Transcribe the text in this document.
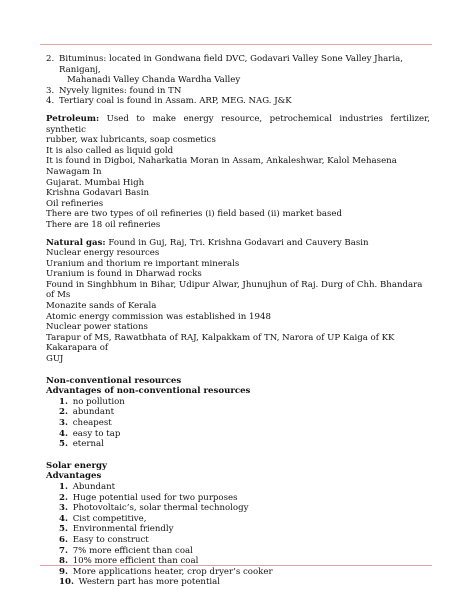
2. Bituminus: located in Gondwana field DVC, Godavari Valley Sone Valley Jharia, Raniganj,
Mahanadi Valley Chanda Wardha Valley
3. Nyvely lignites: found in TN
4. Tertiary coal is found in Assam. ARP, MEG. NAG. J&K
Petroleum: Used to make energy resource, petrochemical industries fertilizer, synthetic
rubber, wax lubricants, soap cosmetics
It is also called as liquid gold
It is found in Digboi, Naharkatia Moran in Assam, Ankaleshwar, Kalol Mehasena Nawagam In
Gujarat. Mumbai High
Krishna Godavari Basin
Oil refineries
There are two types of oil refineries (i) field based (ii) market based
There are 18 oil refineries
Natural gas: Found in Guj, Raj, Tri. Krishna Godavari and Cauvery Basin
Nuclear energy resources
Uranium and thorium re important minerals
Uranium is found in Dharwad rocks
Found in Singhbhum in Bihar, Udipur Alwar, Jhunujhun of Raj. Durg of Chh. Bhandara of Ms
Monazite sands of Kerala
Atomic energy commission was established in 1948
Nuclear power stations
Tarapur of MS, Rawatbhata of RAJ, Kalpakkam of TN, Narora of UP Kaiga of KK Kakarapara of
GUJ
Non-conventional resources
Advantages of non-conventional resources
1. no pollution
2. abundant
3. cheapest
4. easy to tap
5. eternal
Solar energy
Advantages
1. Abundant
2. Huge potential used for two purposes
3. Photovoltaic’s, solar thermal technology
4. Cist competitive,
5. Environmental friendly
6. Easy to construct
7. 7% more efficient than coal
8. 10% more efficient than coal
9. More applications heater, crop dryer’s cooker
10. Western part has more potential
